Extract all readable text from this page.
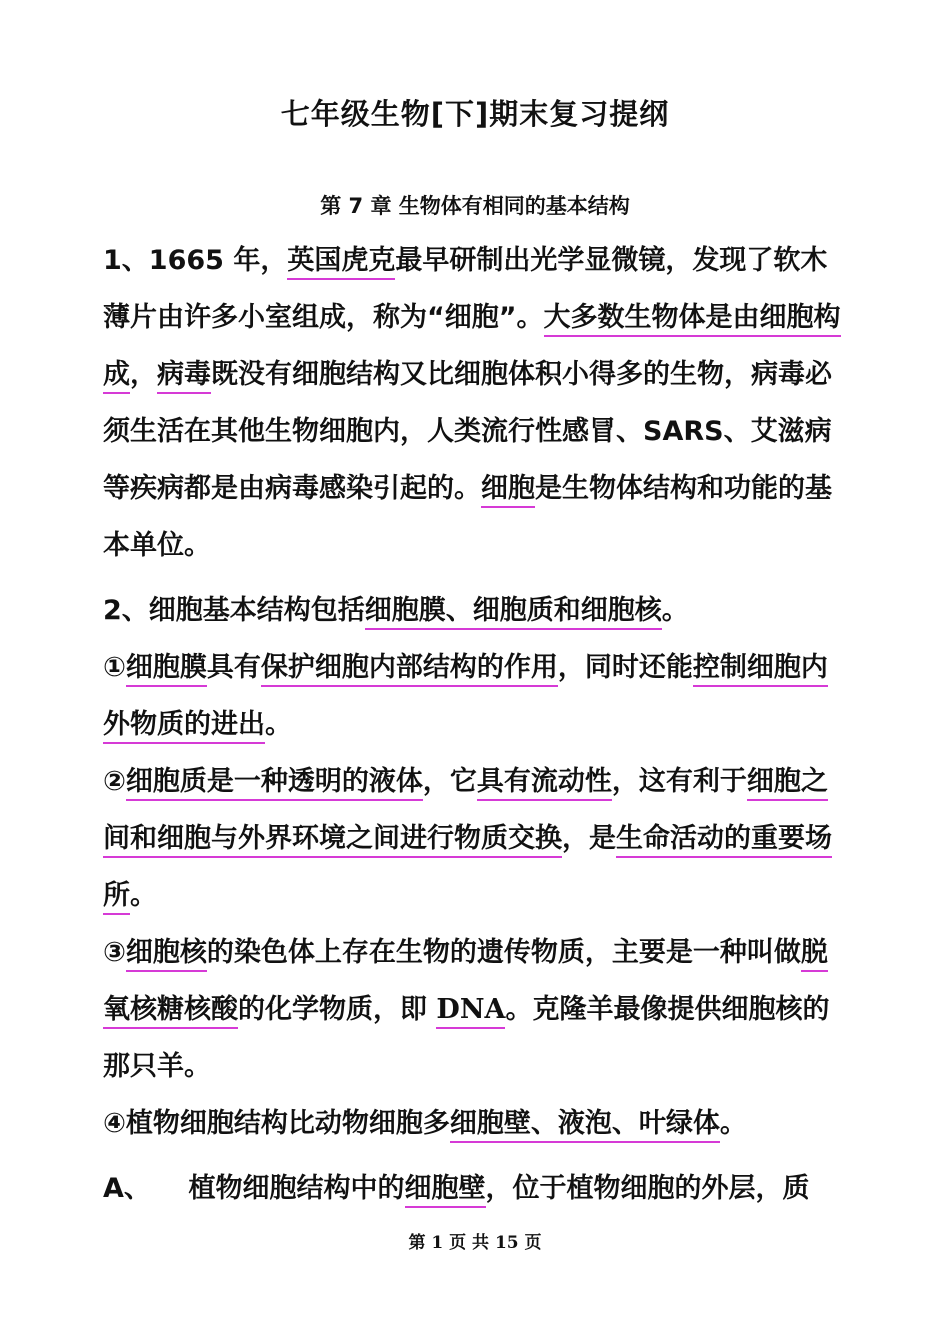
七年级生物[下]期末复习提纲
第 7 章 生物体有相同的基本结构
1、1665 年，英国虎克最早研制出光学显微镜，发现了软木薄片由许多小室组成，称为“细胞”。大多数生物体是由细胞构成，病毒既没有细胞结构又比细胞体积小得多的生物，病毒必须生活在其他生物细胞内，人类流行性感冒、SARS、艾滋病等疾病都是由病毒感染引起的。细胞是生物体结构和功能的基本单位。
2、细胞基本结构包括细胞膜、细胞质和细胞核。
①细胞膜具有保护细胞内部结构的作用，同时还能控制细胞内外物质的进出。
②细胞质是一种透明的液体，它具有流动性，这有利于细胞之间和细胞与外界环境之间进行物质交换，是生命活动的重要场所。
③细胞核的染色体上存在生物的遗传物质，主要是一种叫做脱氧核糖核酸的化学物质，即 DNA。克隆羊最像提供细胞核的那只羊。
④植物细胞结构比动物细胞多细胞壁、液泡、叶绿体。
A、    植物细胞结构中的细胞壁，位于植物细胞的外层，质
第 1 页 共 15 页
